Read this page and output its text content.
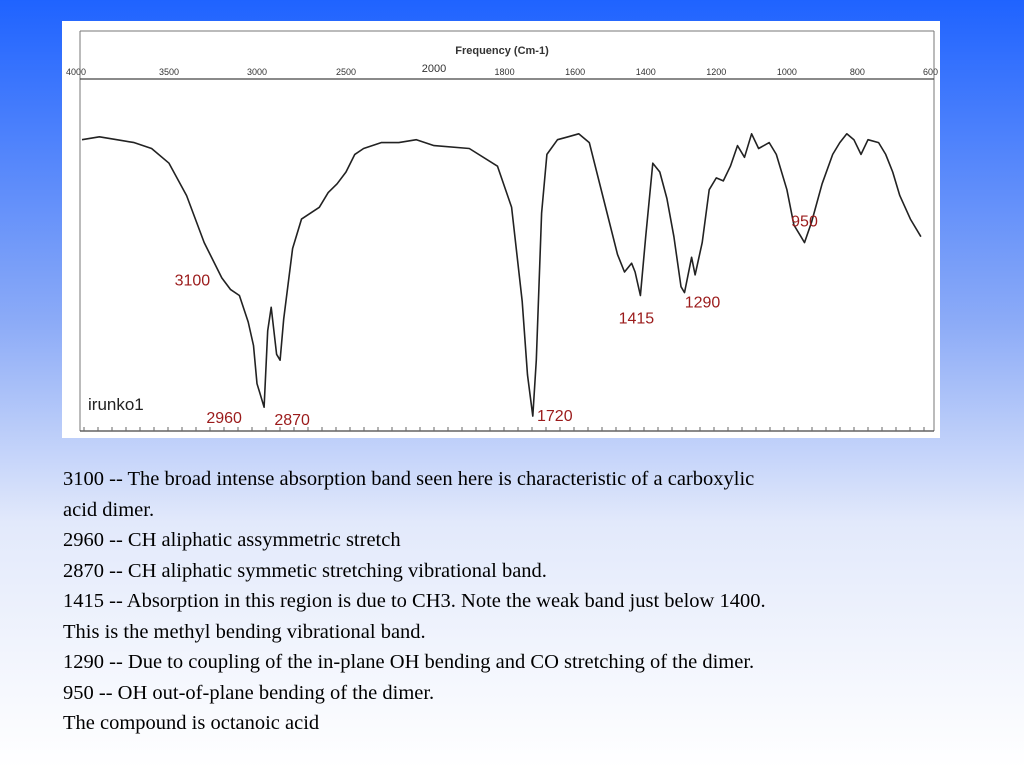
Frequency (Cm-1)
4000	3500	3000	2500	2000	1800	1600	1400	1200	1000	800	600
3100
2960 2870	1720
1415
1290
950
irunko1
3100 -- The broad intense absorption band seen here is characteristic of a carboxylic
acid dimer.
2960 -- CH aliphatic assymmetric stretch
2870 -- CH aliphatic symmetic stretching vibrational band.
1415 -- Absorption in this region is due to CH3. Note the weak band just below 1400.
This is the methyl bending vibrational band.
1290 -- Due to coupling of the in-plane OH bending and CO stretching of the dimer.
950 -- OH out-of-plane bending of the dimer.
The compound is octanoic acid
